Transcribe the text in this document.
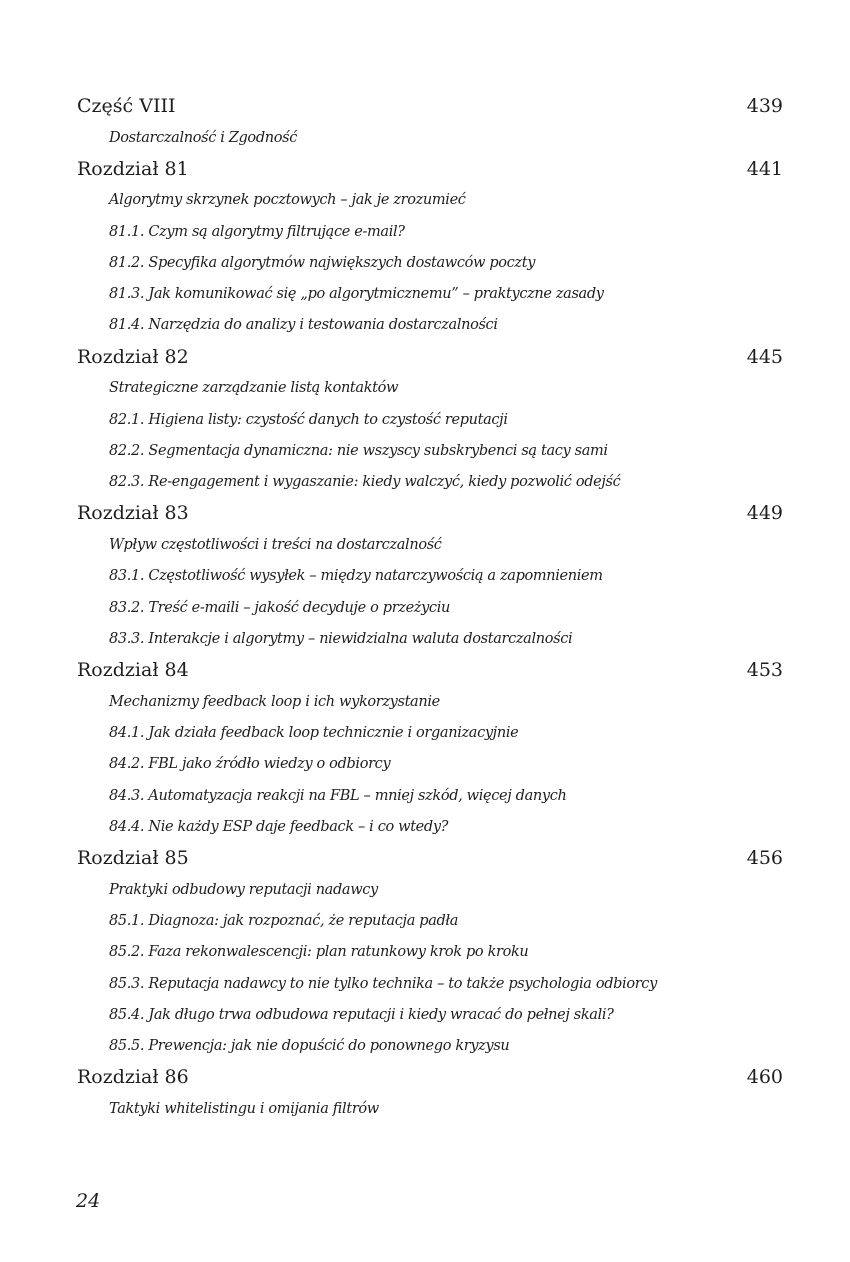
Część VIII	439
Dostarczalność i Zgodność
Rozdział 81	441
Algorytmy skrzynek pocztowych – jak je zrozumieć
81.1. Czym są algorytmy filtrujące e-mail?
81.2. Specyfika algorytmów największych dostawców poczty
81.3. Jak komunikować się „po algorytmicznemu” – praktyczne zasady
81.4. Narzędzia do analizy i testowania dostarczalności
Rozdział 82	445
Strategiczne zarządzanie listą kontaktów
82.1. Higiena listy: czystość danych to czystość reputacji
82.2. Segmentacja dynamiczna: nie wszyscy subskrybenci są tacy sami
82.3. Re-engagement i wygaszanie: kiedy walczyć, kiedy pozwolić odejść
Rozdział 83	449
Wpływ częstotliwości i treści na dostarczalność
83.1. Częstotliwość wysyłek – między natarczywością a zapomnieniem
83.2. Treść e-maili – jakość decyduje o przeżyciu
83.3. Interakcje i algorytmy – niewidzialna waluta dostarczalności
Rozdział 84	453
Mechanizmy feedback loop i ich wykorzystanie
84.1. Jak działa feedback loop technicznie i organizacyjnie
84.2. FBL jako źródło wiedzy o odbiorcy
84.3. Automatyzacja reakcji na FBL – mniej szkód, więcej danych
84.4. Nie każdy ESP daje feedback – i co wtedy?
Rozdział 85	456
Praktyki odbudowy reputacji nadawcy
85.1. Diagnoza: jak rozpoznać, że reputacja padła
85.2. Faza rekonwalescencji: plan ratunkowy krok po kroku
85.3. Reputacja nadawcy to nie tylko technika – to także psychologia odbiorcy
85.4. Jak długo trwa odbudowa reputacji i kiedy wracać do pełnej skali?
85.5. Prewencja: jak nie dopuścić do ponownego kryzysu
Rozdział 86	460
Taktyki whitelistingu i omijania filtrów
24
